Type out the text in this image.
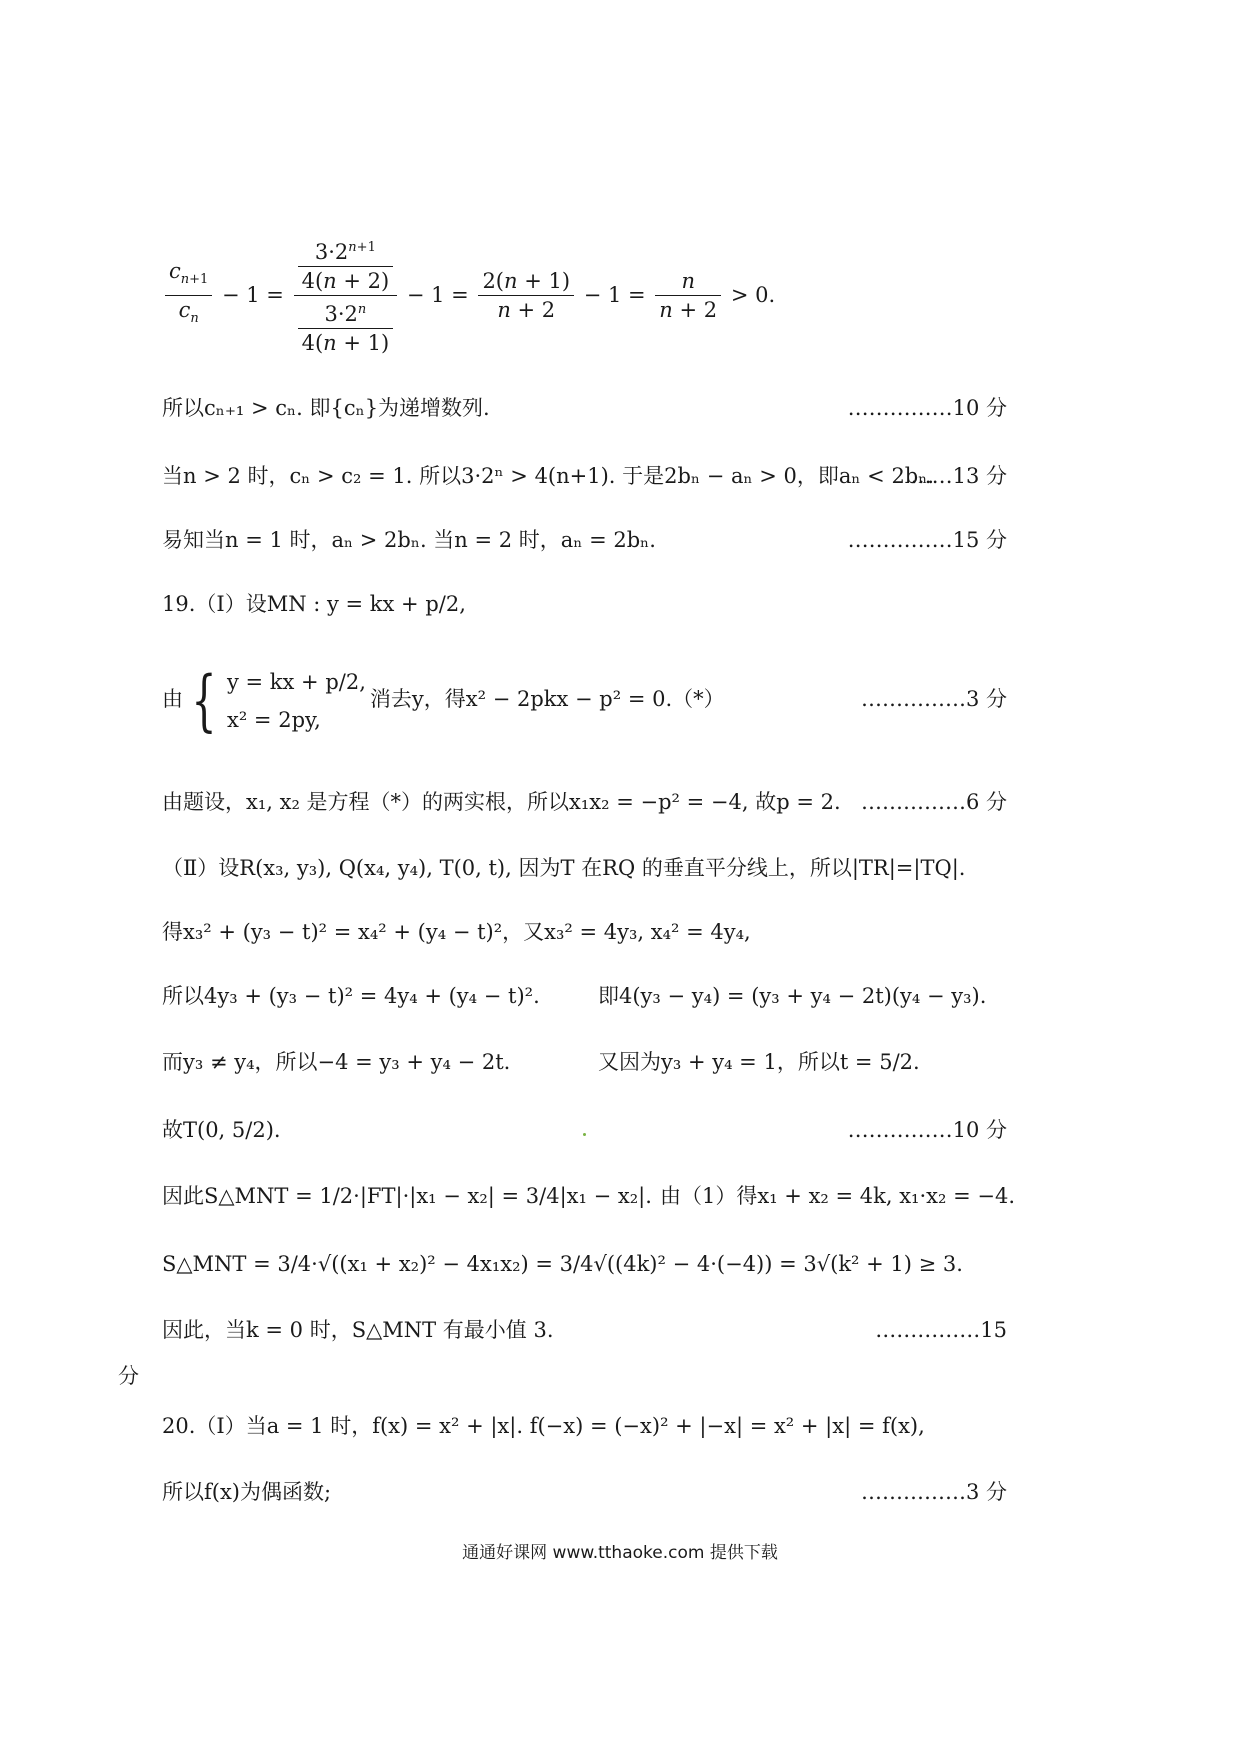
$\frac{c_{n+1}}{c_n} - 1 = \frac{\frac{3\cdot 2^{n+1}}{4(n + 2)}}{\frac{3\cdot 2^n}{4(n + 1)}} - 1 = \frac{2(n + 1)}{n + 2} - 1 = \frac{n}{n + 2} > 0$.
所以cₙ₊₁ > cₙ. 即{cₙ}为递增数列.	……………10 分
当n > 2 时，cₙ > c₂ = 1. 所以3·2ⁿ > 4(n+1). 于是2bₙ − aₙ > 0，即aₙ < 2bₙ.
……13 分
易知当n = 1 时，aₙ > 2bₙ. 当n = 2 时，aₙ = 2bₙ.	……………15 分
19.（Ⅰ）设MN : y = kx + p/2,
由 { y = kx + p/2,
x² = 2py,
消去y，得x² − 2pkx − p² = 0.（*）	……………3 分
由题设，x₁, x₂ 是方程（*）的两实根，所以x₁x₂ = −p² = −4, 故p = 2. ……………6 分
（Ⅱ）设R(x₃, y₃), Q(x₄, y₄), T(0, t), 因为T 在RQ 的垂直平分线上，所以|TR|=|TQ|.
得x₃² + (y₃ − t)² = x₄² + (y₄ − t)²，又x₃² = 4y₃, x₄² = 4y₄,
所以4y₃ + (y₃ − t)² = 4y₄ + (y₄ − t)².	即4(y₃ − y₄) = (y₃ + y₄ − 2t)(y₄ − y₃).
而y₃ ≠ y₄，所以−4 = y₃ + y₄ − 2t.	又因为y₃ + y₄ = 1，所以t = 5/2.
故T(0, 5/2).	……………10 分
因此S△MNT = 1/2·|FT|·|x₁ − x₂| = 3/4|x₁ − x₂|. 由（1）得x₁ + x₂ = 4k, x₁·x₂ = −4.
S△MNT = 3/4·√((x₁ + x₂)² − 4x₁x₂) = 3/4√((4k)² − 4·(−4)) = 3√(k² + 1) ≥ 3.
因此，当k = 0 时，S△MNT 有最小值 3.	……………15
分
20.（Ⅰ）当a = 1 时，f(x) = x² + |x|. f(−x) = (−x)² + |−x| = x² + |x| = f(x),
所以f(x)为偶函数;	……………3 分
通通好课网 www.tthaoke.com 提供下载
